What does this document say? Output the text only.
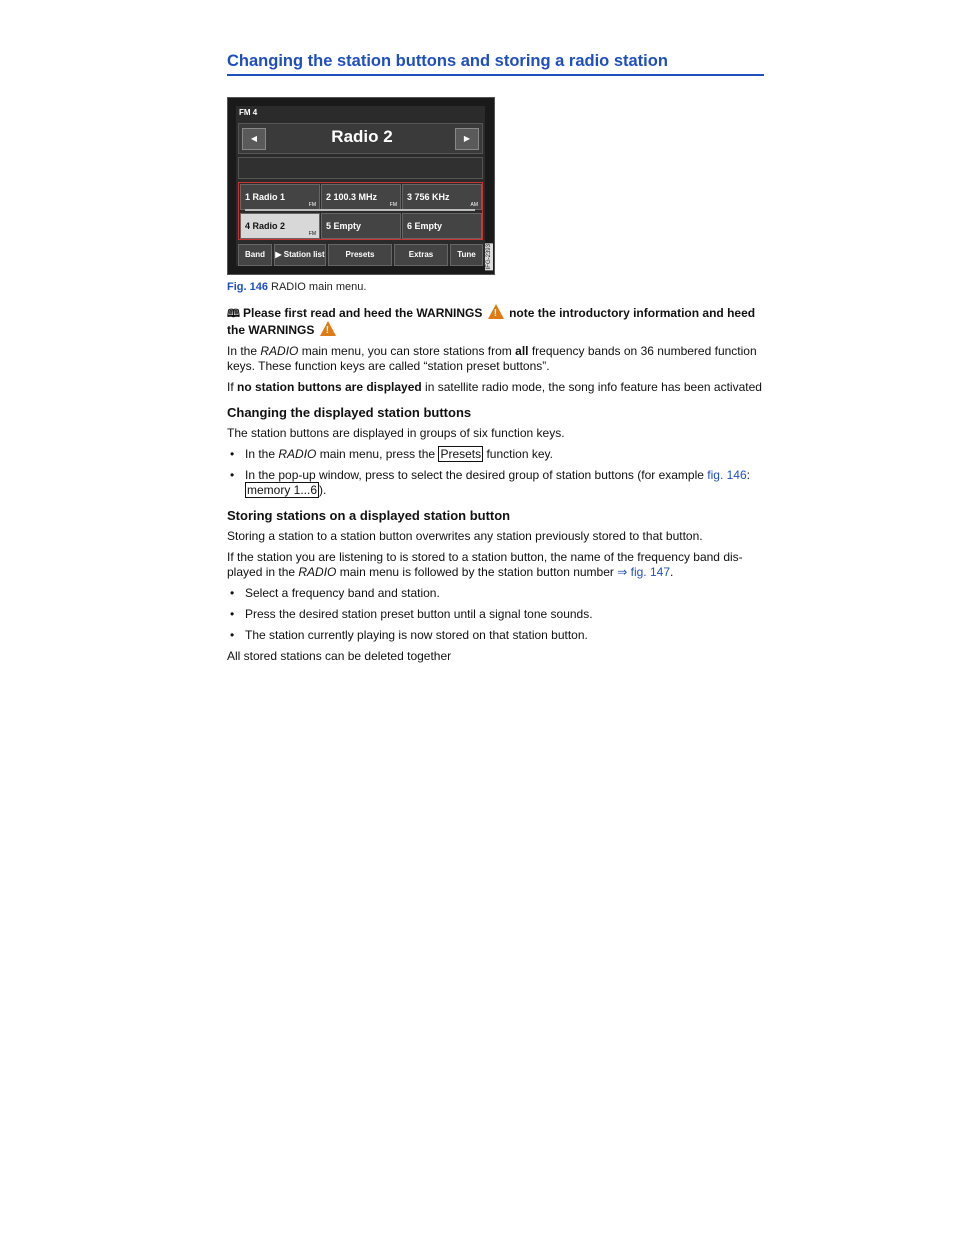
Changing the station buttons and storing a radio station
FM 4
◀	Radio 2	▶
1 Radio 1
FM
2 100.3 MHz
FM
3 756 KHz
AM
4 Radio 2
FM
5 Empty	6 Empty
Band	▶ Station list	Presets	Extras	Tune	IFG-2393
Fig. 146 RADIO main menu.

🕮 Please first read and heed the WARNINGS ! note the introductory information and heed
the WARNINGS !

In the RADIO main menu, you can store stations from all frequency bands on 36 numbered function keys. These function keys are called “station preset buttons”.

If no station buttons are displayed in satellite radio mode, the song info feature has been activated

Changing the displayed station buttons

The station buttons are displayed in groups of six function keys.

• In the RADIO main menu, press the Presets function key.
• In the pop-up window, press to select the desired group of station buttons (for example fig. 146:
memory 1...6 ).
Storing stations on a displayed station button

Storing a station to a station button overwrites any station previously stored to that button.

If the station you are listening to is stored to a station button, the name of the frequency band dis-

played in the RADIO main menu is followed by the station button number ⇒ fig. 147.

• Select a frequency band and station.
• Press the desired station preset button until a signal tone sounds.
• The station currently playing is now stored on that station button.

All stored stations can be deleted together
